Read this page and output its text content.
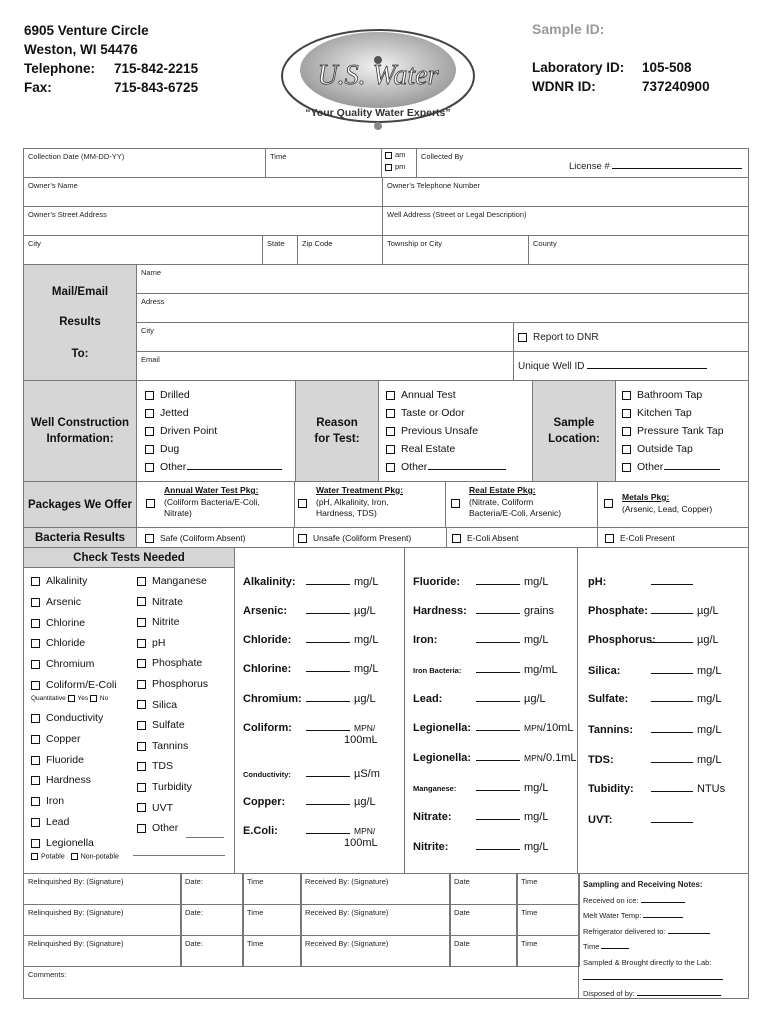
6905 Venture Circle
Weston, WI 54476
Telephone: 715-842-2215
Fax:	715-843-6725	U.S. Water
“Your Quality Water Experts”
Sample ID:
Laboratory ID: 105-508
WDNR ID:	737240900
Collection Date (MM-DD-YY)	Time	am
pm
Collected By
License #
Owner’s Name	Owner’s Telephone Number
Owner’s Street Address	Well Address (Street or Legal Description)
City	State	Zip Code	Township or City	County
Mail/Email
Results
To:
Name
Adress
City
Report to DNR
Email
Unique Well ID
Well Construction
Information:
Reason
for Test:
Sample
Location:
Drilled
Jetted
Driven Point
Dug
Other
Annual Test
Taste or Odor
Previous Unsafe
Real Estate
Other
Bathroom Tap
Kitchen Tap
Pressure Tank Tap
Outside Tap
Other
Packages We Offer
Annual Water Test Pkg:
(Coliform Bacteria/E-Coli,
Nitrate)
Water Treatment Pkg:
(pH, Alkalinity, Iron,
Hardness, TDS)
Real Estate Pkg:
(Nitrate, Coliform
Bacteria/E-Coli, Arsenic)
Metals Pkg:
(Arsenic, Lead, Copper)
Bacteria Results	Safe (Coliform Absent)	Unsafe (Coliform Present)	E-Coli Absent	E-Coli Present
Check Tests Needed
Alkalinity
Arsenic
Chlorine
Chloride
Chromium
Coliform/E-Coli
Conductivity
Copper
Fluoride
Hardness
Iron
Lead
Legionella
Manganese
Nitrate
Nitrite
pH
Phosphate
Phosphorus
Silica
Sulfate
Tannins
TDS
Turbidity
UVT
Other
Quantitative Yes No
Potable Non-potable
Alkalinity:	mg/L
Arsenic:	µg/L
Chloride:	mg/L
Chlorine:	mg/L
Chromium:	µg/L
Coliform:	MPN/
100mL
Conductivity:	µS/m
Copper:	µg/L
E.Coli:	MPN/
100mL
Fluoride:	mg/L
Hardness:	grains
Iron:	mg/L
Iron Bacteria:	mg/mL
Lead:	µg/L
Legionella:	MPN/10mL
Legionella:	MPN/0.1mL
Manganese:	mg/L
Nitrate:	mg/L
Nitrite:	mg/L
pH:
Phosphate:	µg/L
Phosphorus:	µg/L
Silica:	mg/L
Sulfate:	mg/L
Tannins:	mg/L
TDS:	mg/L
Tubidity:	NTUs
UVT:
Relinquished By: (Signature)	Date:	Time	Received By: (Signature)	Date	Time
Relinquished By: (Signature)	Date:	Time	Received By: (Signature)	Date	Time
Relinquished By: (Signature)	Date:	Time	Received By: (Signature)	Date	Time
Comments:
Sampling and Receiving Notes:
Received on ice:
Melt Water Temp:
Refrigerator delivered to:
Time
Sampled & Brought directly to the Lab:
Disposed of by:
